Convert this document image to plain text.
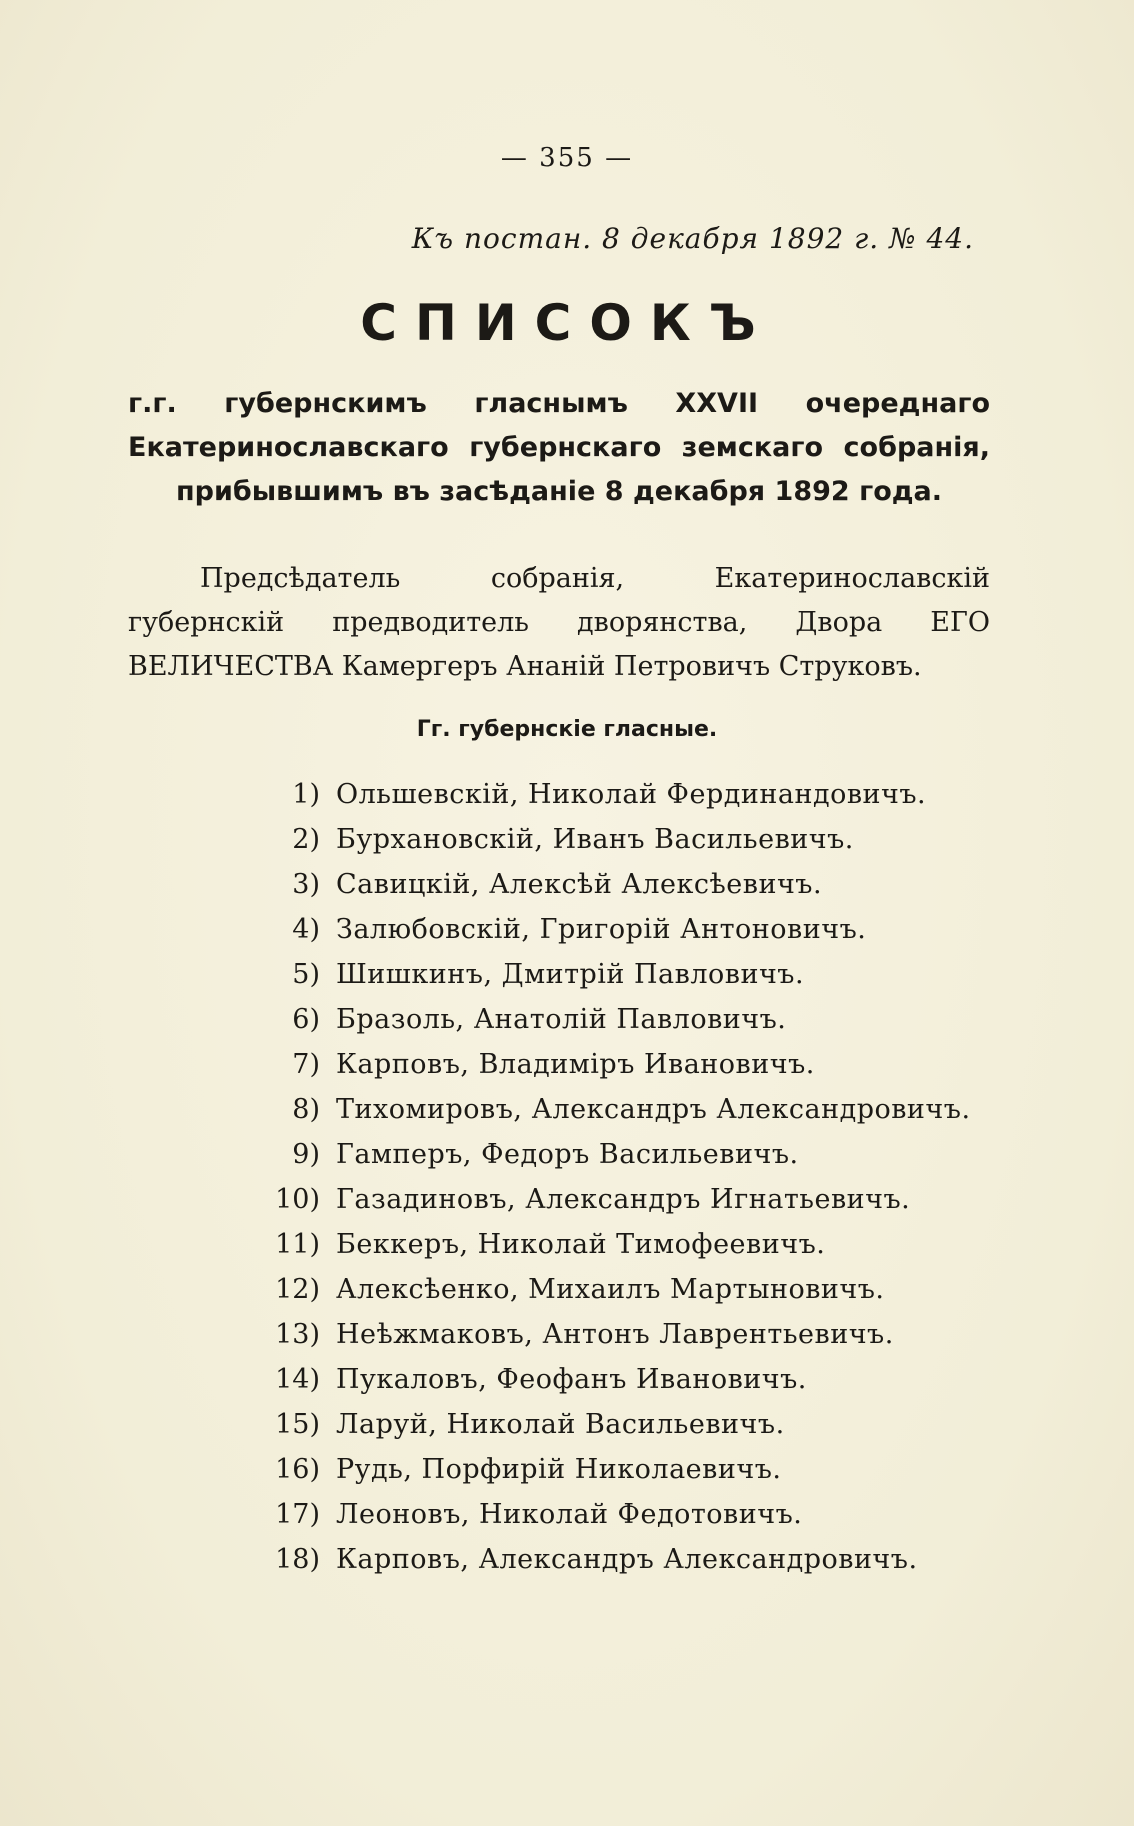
— 355 —
Къ постан. 8 декабря 1892 г. № 44.
СПИСОКЪ
г.г. губернскимъ гласнымъ XXVII очереднаго Екатеринославскаго губернскаго земскаго собранія, прибывшимъ въ засѣданіе 8 декабря 1892 года.
Предсѣдатель собранія, Екатеринославскій губернскій предводитель дворянства, Двора ЕГО ВЕЛИЧЕСТВА Камергеръ Ананій Петровичъ Струковъ.
Гг. губернскіе гласные.
1) Ольшевскій, Николай Фердинандовичъ.
2) Бурхановскій, Иванъ Васильевичъ.
3) Савицкій, Алексѣй Алексѣевичъ.
4) Залюбовскій, Григорій Антоновичъ.
5) Шишкинъ, Дмитрій Павловичъ.
6) Бразоль, Анатолій Павловичъ.
7) Карповъ, Владиміръ Ивановичъ.
8) Тихомировъ, Александръ Александровичъ.
9) Гамперъ, Федоръ Васильевичъ.
10) Газадиновъ, Александръ Игнатьевичъ.
11) Беккеръ, Николай Тимофеевичъ.
12) Алексѣенко, Михаилъ Мартыновичъ.
13) Неѣжмаковъ, Антонъ Лаврентьевичъ.
14) Пукаловъ, Феофанъ Ивановичъ.
15) Ларуй, Николай Васильевичъ.
16) Рудь, Порфирій Николаевичъ.
17) Леоновъ, Николай Федотовичъ.
18) Карповъ, Александръ Александровичъ.
